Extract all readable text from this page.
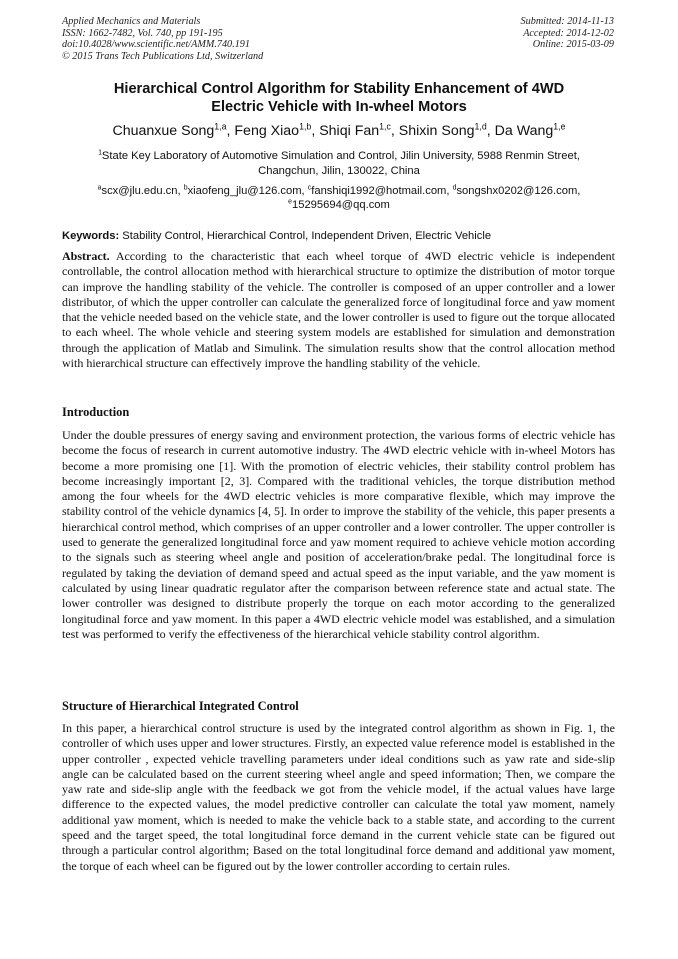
Applied Mechanics and Materials
ISSN: 1662-7482, Vol. 740, pp 191-195
doi:10.4028/www.scientific.net/AMM.740.191
© 2015 Trans Tech Publications Ltd, Switzerland
Submitted: 2014-11-13
Accepted: 2014-12-02
Online: 2015-03-09
Hierarchical Control Algorithm for Stability Enhancement of 4WD
Electric Vehicle with In-wheel Motors
Chuanxue Song$^{1,a}$, Feng Xiao$^{1,b}$, Shiqi Fan$^{1,c}$, Shixin Song$^{1,d}$, Da Wang$^{1,e}$
$^1$State Key Laboratory of Automotive Simulation and Control, Jilin University, 5988 Renmin Street,
Changchun, Jilin, 130022, China
$^a$scx@jlu.edu.cn, $^b$xiaofeng_jlu@126.com, $^c$fanshiqi1992@hotmail.com, $^d$songshx0202@126.com,
$^e$15295694@qq.com
Keywords: Stability Control, Hierarchical Control, Independent Driven, Electric Vehicle
Abstract. According to the characteristic that each wheel torque of 4WD electric vehicle is independent controllable, the control allocation method with hierarchical structure to optimize the distribution of motor torque can improve the handling stability of the vehicle. The controller is composed of an upper controller and a lower distributor, of which the upper controller can calculate the generalized force of longitudinal force and yaw moment that the vehicle needed based on the vehicle state, and the lower controller is used to figure out the torque allocated to each wheel. The whole vehicle and steering system models are established for simulation and demonstration through the application of Matlab and Simulink. The simulation results show that the control allocation method with hierarchical structure can effectively improve the handling stability of the vehicle.
Introduction
Under the double pressures of energy saving and environment protection, the various forms of electric vehicle has become the focus of research in current automotive industry. The 4WD electric vehicle with in-wheel Motors has become a more promising one [1]. With the promotion of electric vehicles, their stability control problem has become increasingly important [2, 3]. Compared with the traditional vehicles, the torque distribution method among the four wheels for the 4WD electric vehicles is more comparative flexible, which may improve the stability control of the vehicle dynamics [4, 5]. In order to improve the stability of the vehicle, this paper presents a hierarchical control method, which comprises of an upper controller and a lower controller. The upper controller is used to generate the generalized longitudinal force and yaw moment required to achieve vehicle motion according to the signals such as steering wheel angle and position of acceleration/brake pedal. The longitudinal force is regulated by taking the deviation of demand speed and actual speed as the input variable, and the yaw moment is calculated by using linear quadratic regulator after the comparison between reference state and actual state. The lower controller was designed to distribute properly the torque on each motor according to the generalized longitudinal force and yaw moment. In this paper a 4WD electric vehicle model was established, and a simulation test was performed to verify the effectiveness of the hierarchical vehicle stability control algorithm.
Structure of Hierarchical Integrated Control
In this paper, a hierarchical control structure is used by the integrated control algorithm as shown in Fig. 1, the controller of which uses upper and lower structures. Firstly, an expected value reference model is established in the upper controller , expected vehicle travelling parameters under ideal conditions such as yaw rate and side-slip angle can be calculated based on the current steering wheel angle and speed information; Then, we compare the yaw rate and side-slip angle with the feedback we got from the vehicle model, if the actual values have large difference to the expected values, the model predictive controller can calculate the total yaw moment, namely additional yaw moment, which is needed to make the vehicle back to a stable state, and according to the current speed and the target speed, the total longitudinal force demand in the current vehicle state can be figured out through a particular control algorithm; Based on the total longitudinal force demand and additional yaw moment, the torque of each wheel can be figured out by the lower controller according to certain rules.
